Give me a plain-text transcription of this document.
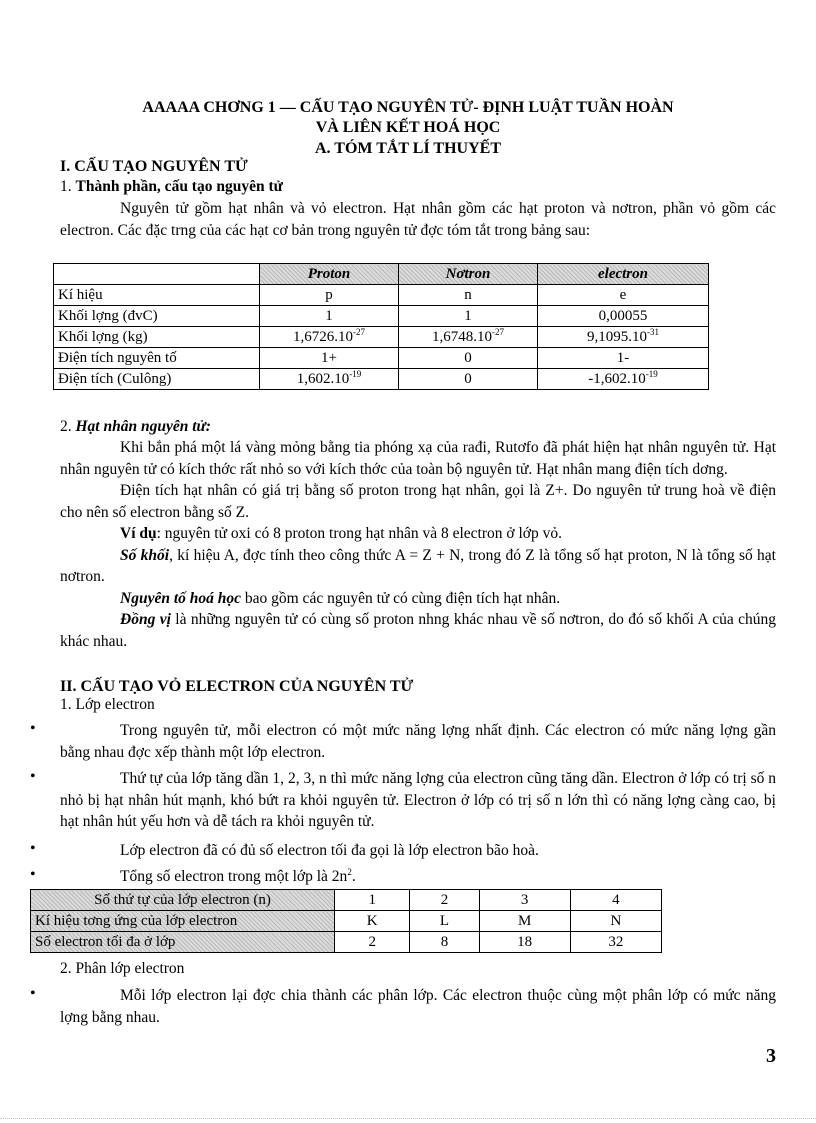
AAAAA CHƠNG 1 — CẤU TẠO NGUYÊN TỬ- ĐỊNH LUẬT TUẦN HOÀN
VÀ LIÊN KẾT HOÁ HỌC
A. TÓM TẮT LÍ THUYẾT
I. CẤU TẠO NGUYÊN TỬ
1. Thành phần, cấu tạo nguyên tử

Nguyên tử gồm hạt nhân và vỏ electron. Hạt nhân gồm các hạt proton và nơtron, phần vỏ gồm các electron. Các đặc trng của các hạt cơ bản trong nguyên tử đợc tóm tắt trong bảng sau:

	Proton	Nơtron	electron
Kí hiệu	p	n	e
Khối lợng (đvC)	1	1	0,00055
Khối lợng (kg)	$1,6726.10^{-27}$	$1,6748.10^{-27}$	$9,1095.10^{-31}$
Điện tích nguyên tố	1+	0	1-
Điện tích (Culông)	$1,602.10^{-19}$	0	$-1,602.10^{-19}$
2. Hạt nhân nguyên tử:

Khi bắn phá một lá vàng mỏng bằng tia phóng xạ của rađi, Rutơfo đã phát hiện hạt nhân nguyên tử. Hạt nhân nguyên tử có kích thớc rất nhỏ so với kích thớc của toàn bộ nguyên tử. Hạt nhân mang điện tích dơng.

Điện tích hạt nhân có giá trị bằng số proton trong hạt nhân, gọi là Z+. Do nguyên tử trung hoà về điện cho nên số electron bằng số Z.

Ví dụ: nguyên tử oxi có 8 proton trong hạt nhân và 8 electron ở lớp vỏ.

Số khối, kí hiệu A, đợc tính theo công thức A = Z + N, trong đó Z là tổng số hạt proton, N là tổng số hạt nơtron.

Nguyên tố hoá học bao gồm các nguyên tử có cùng điện tích hạt nhân.

Đồng vị là những nguyên tử có cùng số proton nhng khác nhau về số nơtron, do đó số khối A của chúng khác nhau.

II. CẤU TẠO VỎ ELECTRON CỦA NGUYÊN TỬ
1. Lớp electron
•	Trong nguyên tử, mỗi electron có một mức năng lợng nhất định. Các electron có mức năng lợng gần bằng nhau đợc xếp thành một lớp electron.

•	Thứ tự của lớp tăng dần 1, 2, 3, n thì mức năng lợng của electron cũng tăng dần. Electron ở lớp có trị số n nhỏ bị hạt nhân hút mạnh, khó bứt ra khỏi nguyên tử. Electron ở lớp có trị số n lớn thì có năng lợng càng cao, bị hạt nhân hút yếu hơn và dễ tách ra khỏi nguyên tử.

•	Lớp electron đã có đủ số electron tối đa gọi là lớp electron bão hoà.

•	Tổng số electron trong một lớp là $2n^2$.

Số thứ tự của lớp electron (n)	1	2	3	4
Kí hiệu tơng ứng của lớp electron	K	L	M	N
Số electron tối đa ở lớp	2	8	18	32
2. Phân lớp electron
•	Mỗi lớp electron lại đợc chia thành các phân lớp. Các electron thuộc cùng một phân lớp có mức năng lợng bằng nhau.

3
